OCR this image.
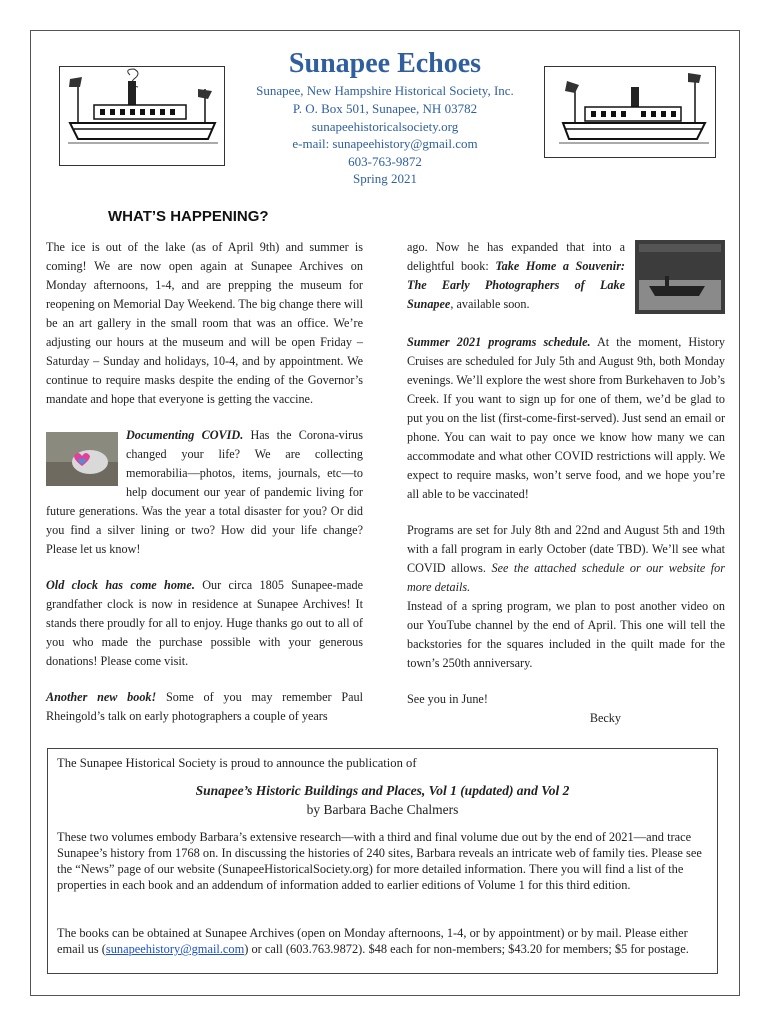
Sunapee Echoes
Sunapee, New Hampshire Historical Society, Inc.
P. O. Box 501, Sunapee, NH 03782
sunapeehistoricalsociety.org
e-mail: sunapeehistory@gmail.com
603-763-9872
Spring 2021
WHAT’S HAPPENING?

The ice is out of the lake (as of April 9th) and summer is coming! We are now open again at Sunapee Archives on Monday afternoons, 1-4, and are prepping the museum for reopening on Memorial Day Weekend. The big change there will be an art gallery in the small room that was an office. We’re adjusting our hours at the museum and will be open Friday – Saturday – Sunday and holidays, 10-4, and by appointment. We continue to require masks despite the ending of the Governor’s mandate and hope that everyone is getting the vaccine.

Documenting COVID. Has the Corona-virus changed your life? We are collecting memorabilia—photos, items, journals, etc—to help document our year of pandemic living for future generations. Was the year a total disaster for you? Or did you find a silver lining or two? How did your life change? Please let us know!

Old clock has come home. Our circa 1805 Sunapee-made grandfather clock is now in residence at Sunapee Archives! It stands there proudly for all to enjoy. Huge thanks go out to all of you who made the purchase possible with your generous donations! Please come visit.

Another new book! Some of you may remember Paul Rheingold’s talk on early photographers a couple of years

ago. Now he has expanded that into a delightful book: Take Home a Souvenir: The Early Photographers of Lake Sunapee, available soon.

Summer 2021 programs schedule. At the moment, History Cruises are scheduled for July 5th and August 9th, both Monday evenings. We’ll explore the west shore from Burkehaven to Job’s Creek. If you want to sign up for one of them, we’d be glad to put you on the list (first-come-first-served). Just send an email or phone. You can wait to pay once we know how many we can accommodate and what other COVID restrictions will apply. We expect to require masks, won’t serve food, and we hope you’re all able to be vaccinated!

Programs are set for July 8th and 22nd and August 5th and 19th with a fall program in early October (date TBD). We’ll see what COVID allows. See the attached schedule or our website for more details.

Instead of a spring program, we plan to post another video on our YouTube channel by the end of April. This one will tell the backstories for the squares included in the quilt made for the town’s 250th anniversary.

See you in June!

Becky

The Sunapee Historical Society is proud to announce the publication of

Sunapee’s Historic Buildings and Places, Vol 1 (updated) and Vol 2

by Barbara Bache Chalmers

These two volumes embody Barbara’s extensive research—with a third and final volume due out by the end of 2021—and trace Sunapee’s history from 1768 on. In discussing the histories of 240 sites, Barbara reveals an intricate web of family ties. Please see the “News” page of our website (SunapeeHistoricalSociety.org) for more detailed information. There you will find a list of the properties in each book and an addendum of information added to earlier editions of Volume 1 for this third edition.

The books can be obtained at Sunapee Archives (open on Monday afternoons, 1-4, or by appointment) or by mail. Please either email us (sunapeehistory@gmail.com) or call (603.763.9872). $48 each for non-members; $43.20 for members; $5 for postage.
